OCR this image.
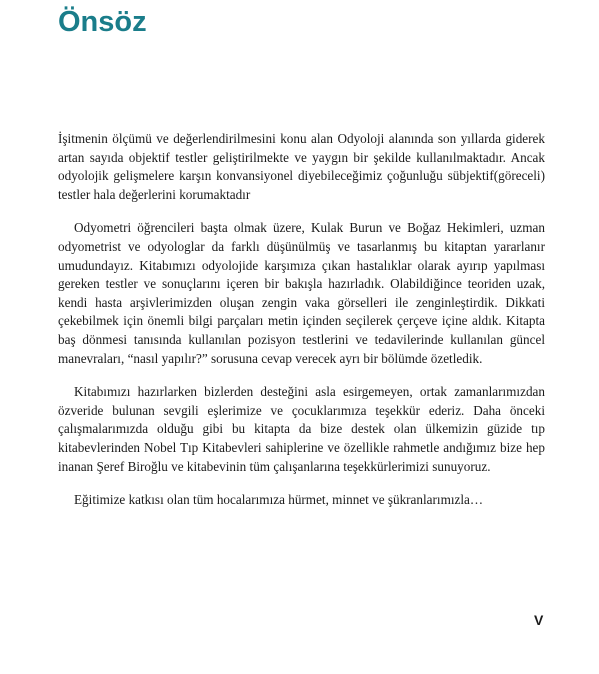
Önsöz

İşitmenin ölçümü ve değerlendirilmesini konu alan Odyoloji alanında son yıllarda giderek artan sayıda objektif testler geliştirilmekte ve yaygın bir şekilde kullanılmaktadır. Ancak odyolojik gelişmelere karşın konvansiyonel diyebileceğimiz çoğunluğu sübjektif(göreceli) testler hala değerlerini korumaktadır

Odyometri öğrencileri başta olmak üzere, Kulak Burun ve Boğaz Hekimleri, uzman odyometrist ve odyologlar da farklı düşünülmüş ve tasarlanmış bu kitaptan yararlanır umudundayız. Kitabımızı odyolojide karşımıza çıkan hastalıklar olarak ayırıp yapılması gereken testler ve sonuçlarını içeren bir bakışla hazırladık. Olabildiğince teoriden uzak, kendi hasta arşivlerimizden oluşan zengin vaka görselleri ile zenginleştirdik. Dikkati çekebilmek için önemli bilgi parçaları metin içinden seçilerek çerçeve içine aldık. Kitapta baş dönmesi tanısında kullanılan pozisyon testlerini ve tedavilerinde kullanılan güncel manevraları, “nasıl yapılır?” sorusuna cevap verecek ayrı bir bölümde özetledik.

Kitabımızı hazırlarken bizlerden desteğini asla esirgemeyen, ortak zamanlarımızdan özveride bulunan sevgili eşlerimize ve çocuklarımıza teşekkür ederiz. Daha önceki çalışmalarımızda olduğu gibi bu kitapta da bize destek olan ülkemizin güzide tıp kitabevlerinden Nobel Tıp Kitabevleri sahiplerine ve özellikle rahmetle andığımız bize hep inanan Şeref Biroğlu ve kitabevinin tüm çalışanlarına teşekkürlerimizi sunuyoruz.

Eğitimize katkısı olan tüm hocalarımıza hürmet, minnet ve şükranlarımızla…

V
